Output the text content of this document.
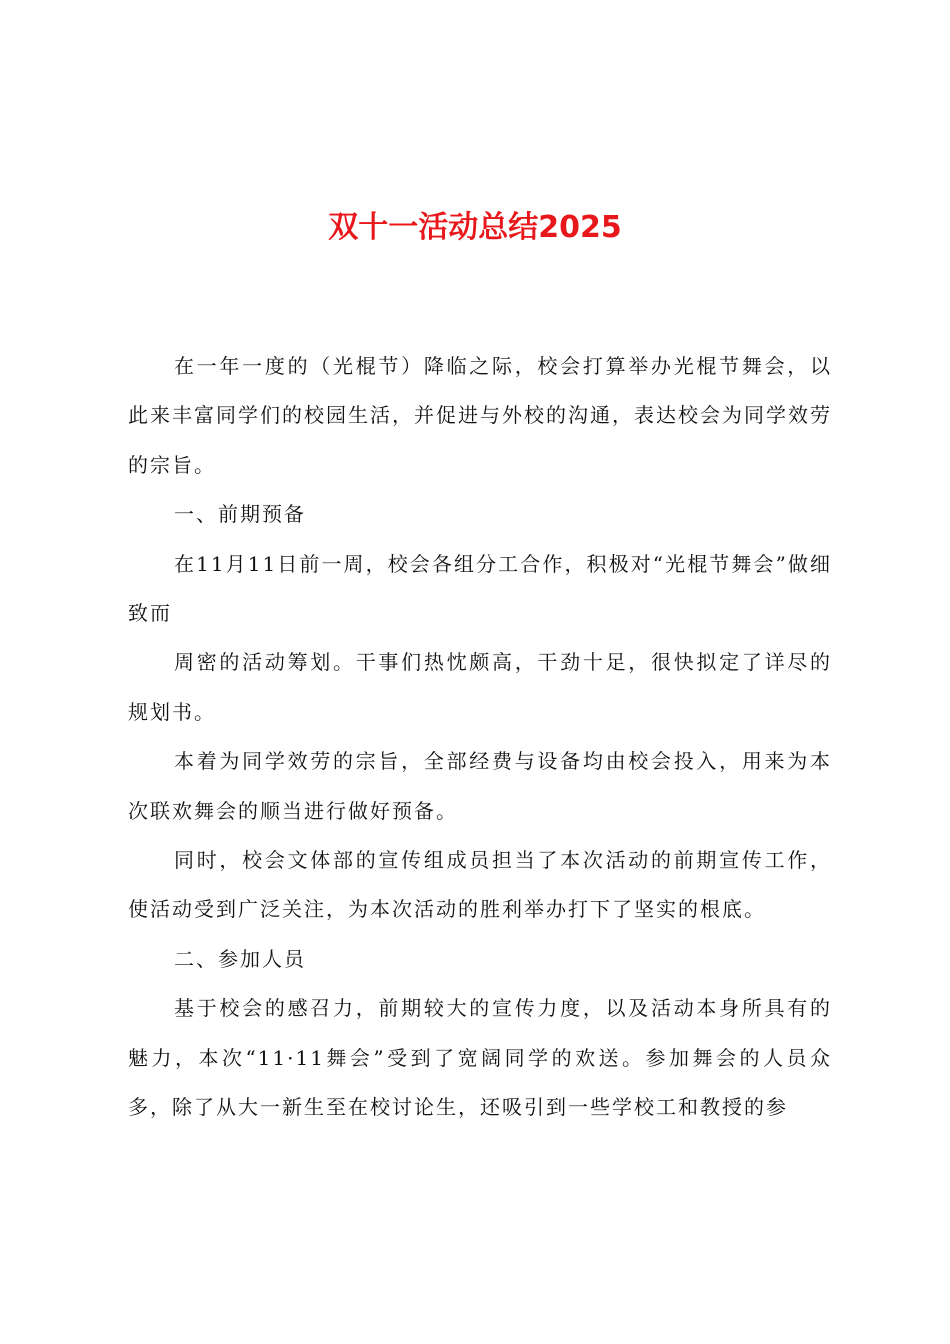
双十一活动总结2025

在一年一度的（光棍节）降临之际，校会打算举办光棍节舞会，以此来丰富同学们的校园生活，并促进与外校的沟通，表达校会为同学效劳的宗旨。

一、前期预备

在11月11日前一周，校会各组分工合作，积极对“光棍节舞会”做细致而

周密的活动筹划。干事们热忱颇高，干劲十足，很快拟定了详尽的规划书。

本着为同学效劳的宗旨，全部经费与设备均由校会投入，用来为本次联欢舞会的顺当进行做好预备。

同时，校会文体部的宣传组成员担当了本次活动的前期宣传工作，使活动受到广泛关注，为本次活动的胜利举办打下了坚实的根底。

二、参加人员

基于校会的感召力，前期较大的宣传力度，以及活动本身所具有的魅力，本次“11·11舞会”受到了宽阔同学的欢送。参加舞会的人员众多，除了从大一新生至在校讨论生，还吸引到一些学校工和教授的参
